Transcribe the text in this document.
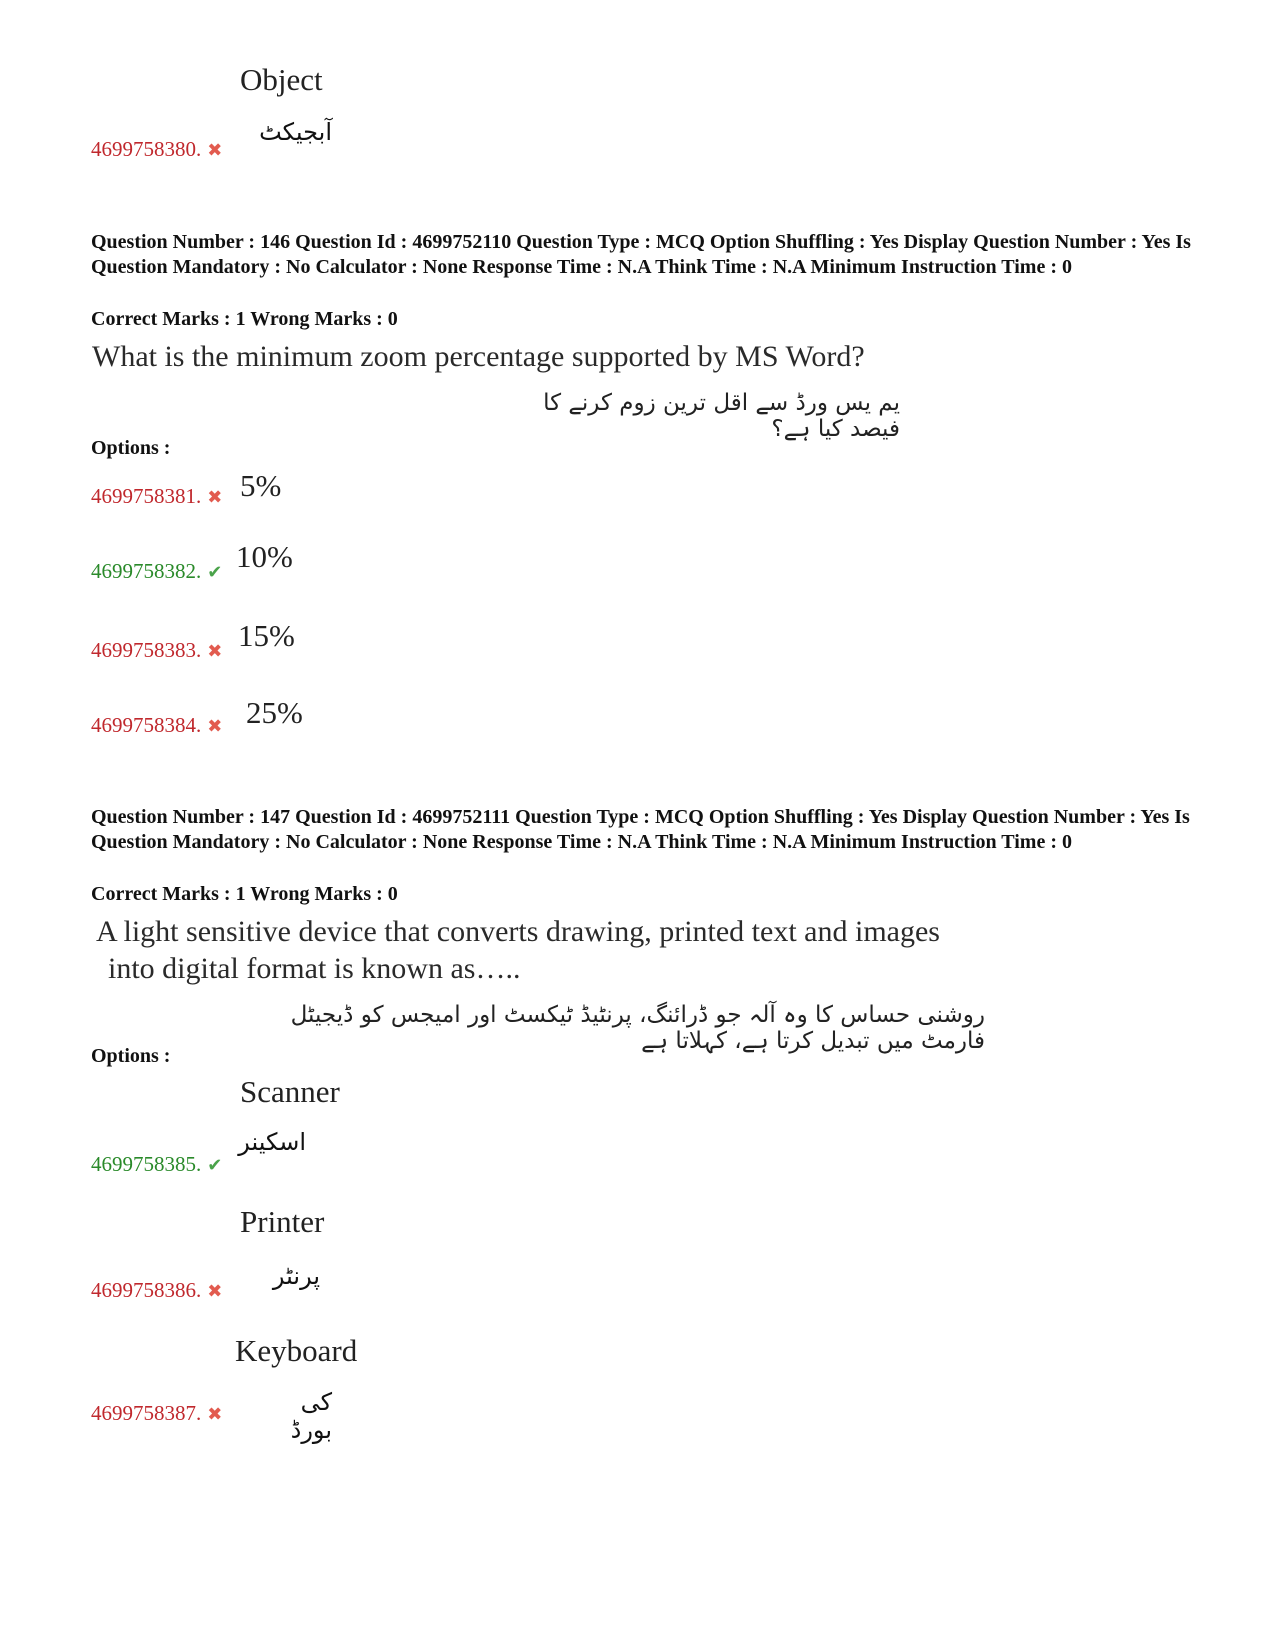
Object
آبجیکٹ
4699758380. ✖
Question Number : 146 Question Id : 4699752110 Question Type : MCQ Option Shuffling : Yes Display Question Number : Yes Is Question Mandatory : No Calculator : None Response Time : N.A Think Time : N.A Minimum Instruction Time : 0
Correct Marks : 1 Wrong Marks : 0
What is the minimum zoom percentage supported by MS Word?
یم یس ورڈ سے اقل ترین زوم کرنے کا فیصد کیا ہے؟
Options :
4699758381. ✖ 5%
4699758382. ✔ 10%
4699758383. ✖ 15%
4699758384. ✖ 25%
Question Number : 147 Question Id : 4699752111 Question Type : MCQ Option Shuffling : Yes Display Question Number : Yes Is Question Mandatory : No Calculator : None Response Time : N.A Think Time : N.A Minimum Instruction Time : 0
Correct Marks : 1 Wrong Marks : 0
A light sensitive device that converts drawing, printed text and images
into digital format is known as…..
روشنی حساس کا وہ آلہ جو ڈرائنگ، پرنٹیڈ ٹیکسٹ اور امیجس کو ڈیجیٹل فارمٹ میں تبدیل کرتا ہے، کہلاتا ہے
Options :
Scanner
اسکینر
4699758385. ✔
Printer
پرنٹر
4699758386. ✖
Keyboard
کی بورڈ
4699758387. ✖
